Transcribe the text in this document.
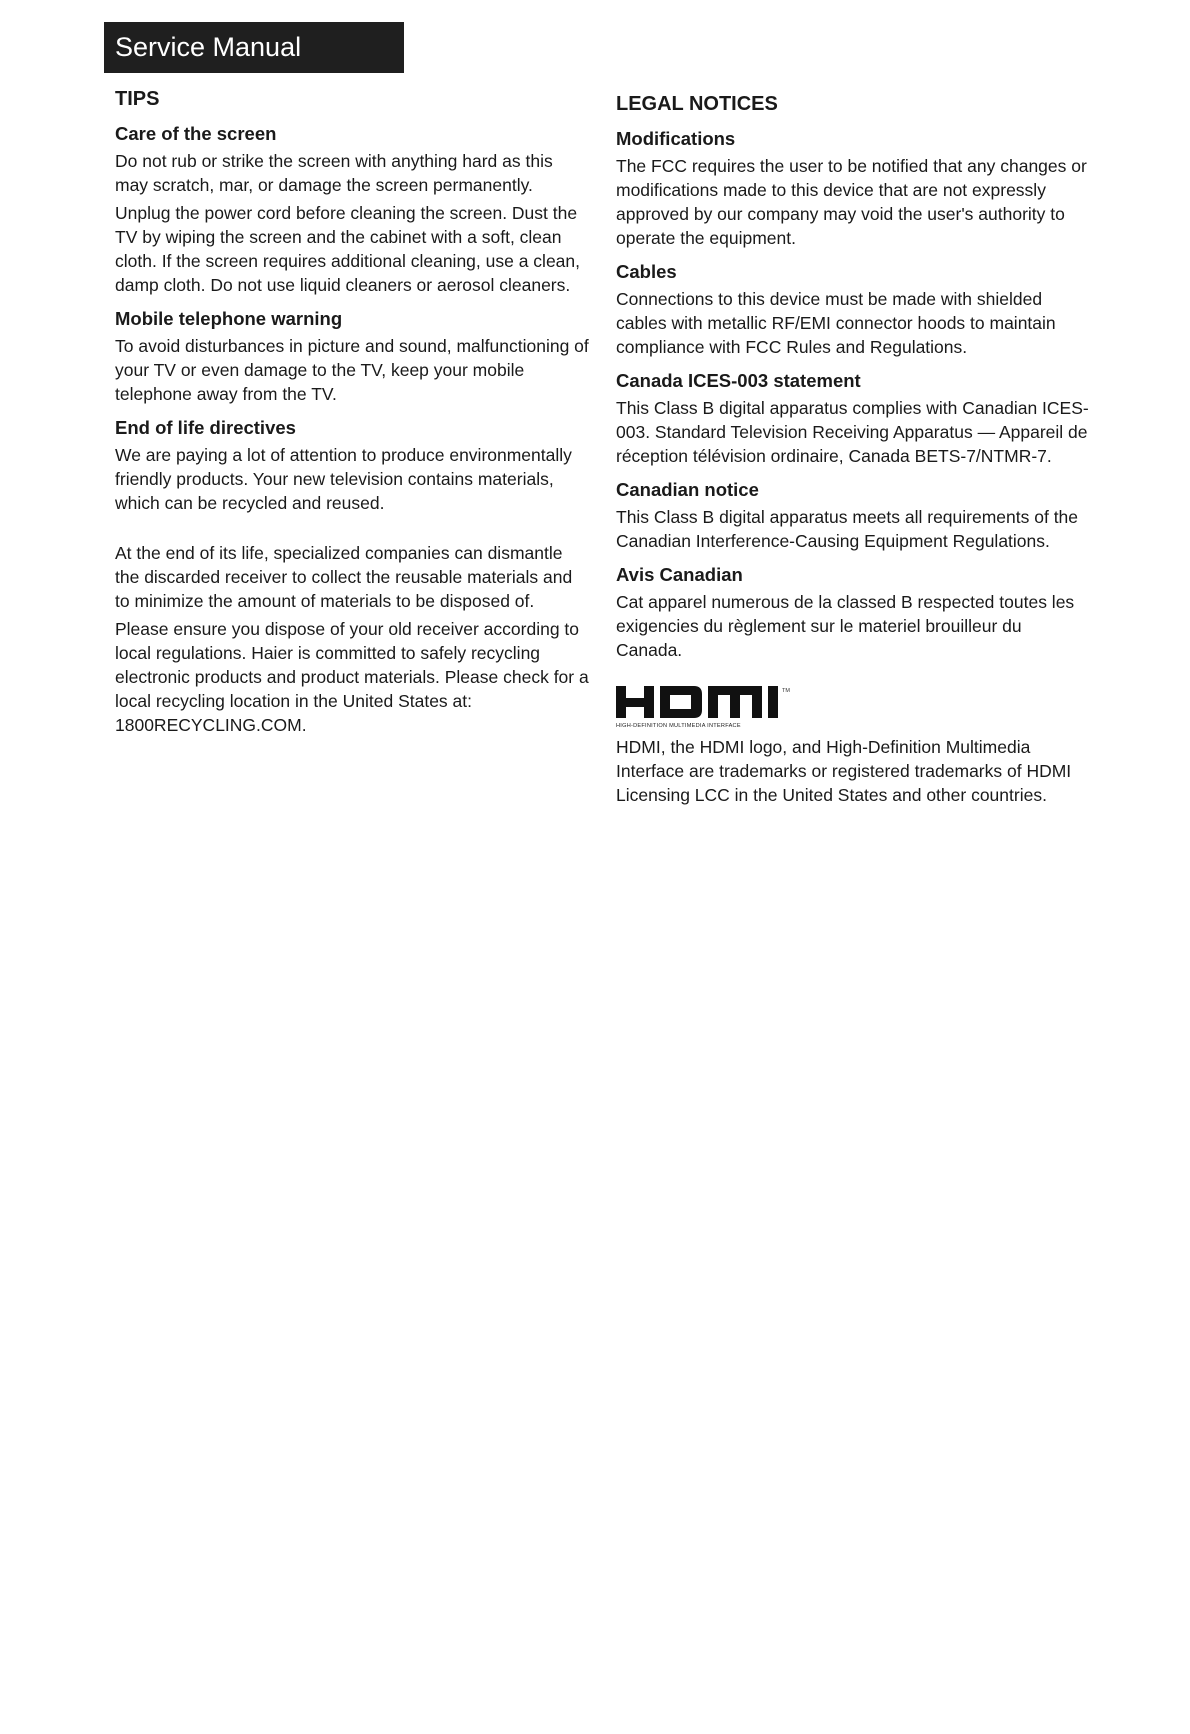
Service Manual
TIPS
Care of the screen
Do not rub or strike the screen with anything hard as this may scratch, mar, or damage the screen permanently.
Unplug the power cord before cleaning the screen. Dust the TV by wiping the screen and the cabinet with a soft, clean cloth. If the screen requires additional cleaning, use a clean, damp cloth. Do not use liquid cleaners or aerosol cleaners.
Mobile telephone warning
To avoid disturbances in picture and sound, malfunctioning of your TV or even damage to the TV, keep your mobile telephone away from the TV.
End of life directives
We are paying a lot of attention to produce environmentally friendly products. Your new television contains materials, which can be recycled and reused.
At the end of its life, specialized companies can dismantle the discarded receiver to collect the reusable materials and to minimize the amount of materials to be disposed of.
Please ensure you dispose of your old receiver according to local regulations. Haier is committed to safely recycling electronic products and product materials. Please check for a local recycling location in the United States at: 1800RECYCLING.COM.
LEGAL NOTICES
Modifications
The FCC requires the user to be notified that any changes or modifications made to this device that are not expressly approved by our company may void the user's authority to operate the equipment.
Cables
Connections to this device must be made with shielded cables with metallic RF/EMI connector hoods to maintain compliance with FCC Rules and Regulations.
Canada ICES-003 statement
This Class B digital apparatus complies with Canadian ICES-003. Standard Television Receiving Apparatus — Appareil de réception télévision ordinaire, Canada BETS-7/NTMR-7.
Canadian notice
This Class B digital apparatus meets all requirements of the Canadian Interference-Causing Equipment Regulations.
Avis Canadian
Cat apparel numerous de la classed B respected toutes les exigencies du règlement sur le materiel brouilleur du Canada.
TM
HIGH-DEFINITION MULTIMEDIA INTERFACE
HDMI, the HDMI logo, and High-Definition Multimedia Interface are trademarks or registered trademarks of HDMI Licensing LCC in the United States and other countries.
